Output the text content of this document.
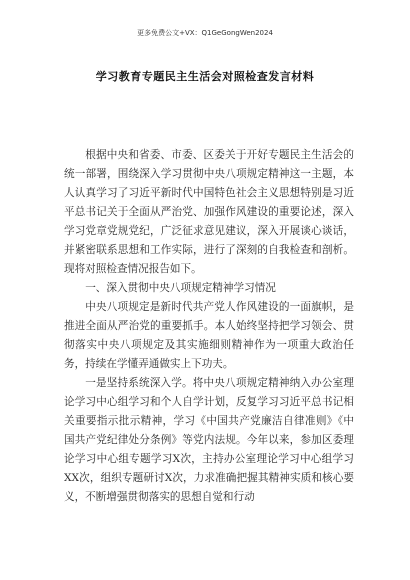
更多免费公文+VX：Q1GeGongWen2024
学习教育专题民主生活会对照检查发言材料

根据中央和省委、市委、区委关于开好专题民主生活会的统一部署，围绕深入学习贯彻中央八项规定精神这一主题，本人认真学习了习近平新时代中国特色社会主义思想特别是习近平总书记关于全面从严治党、加强作风建设的重要论述，深入学习党章党规党纪，广泛征求意见建议，深入开展谈心谈话，并紧密联系思想和工作实际，进行了深刻的自我检查和剖析。现将对照检查情况报告如下。

一、深入贯彻中央八项规定精神学习情况

中央八项规定是新时代共产党人作风建设的一面旗帜，是推进全面从严治党的重要抓手。本人始终坚持把学习领会、贯彻落实中央八项规定及其实施细则精神作为一项重大政治任务，持续在学懂弄通做实上下功夫。

一是坚持系统深入学。将中央八项规定精神纳入办公室理论学习中心组学习和个人自学计划，反复学习习近平总书记相关重要指示批示精神，学习《中国共产党廉洁自律准则》《中国共产党纪律处分条例》等党内法规。今年以来，参加区委理论学习中心组专题学习X次，主持办公室理论学习中心组学习XX次，组织专题研讨X次，力求准确把握其精神实质和核心要义，不断增强贯彻落实的思想自觉和行动
